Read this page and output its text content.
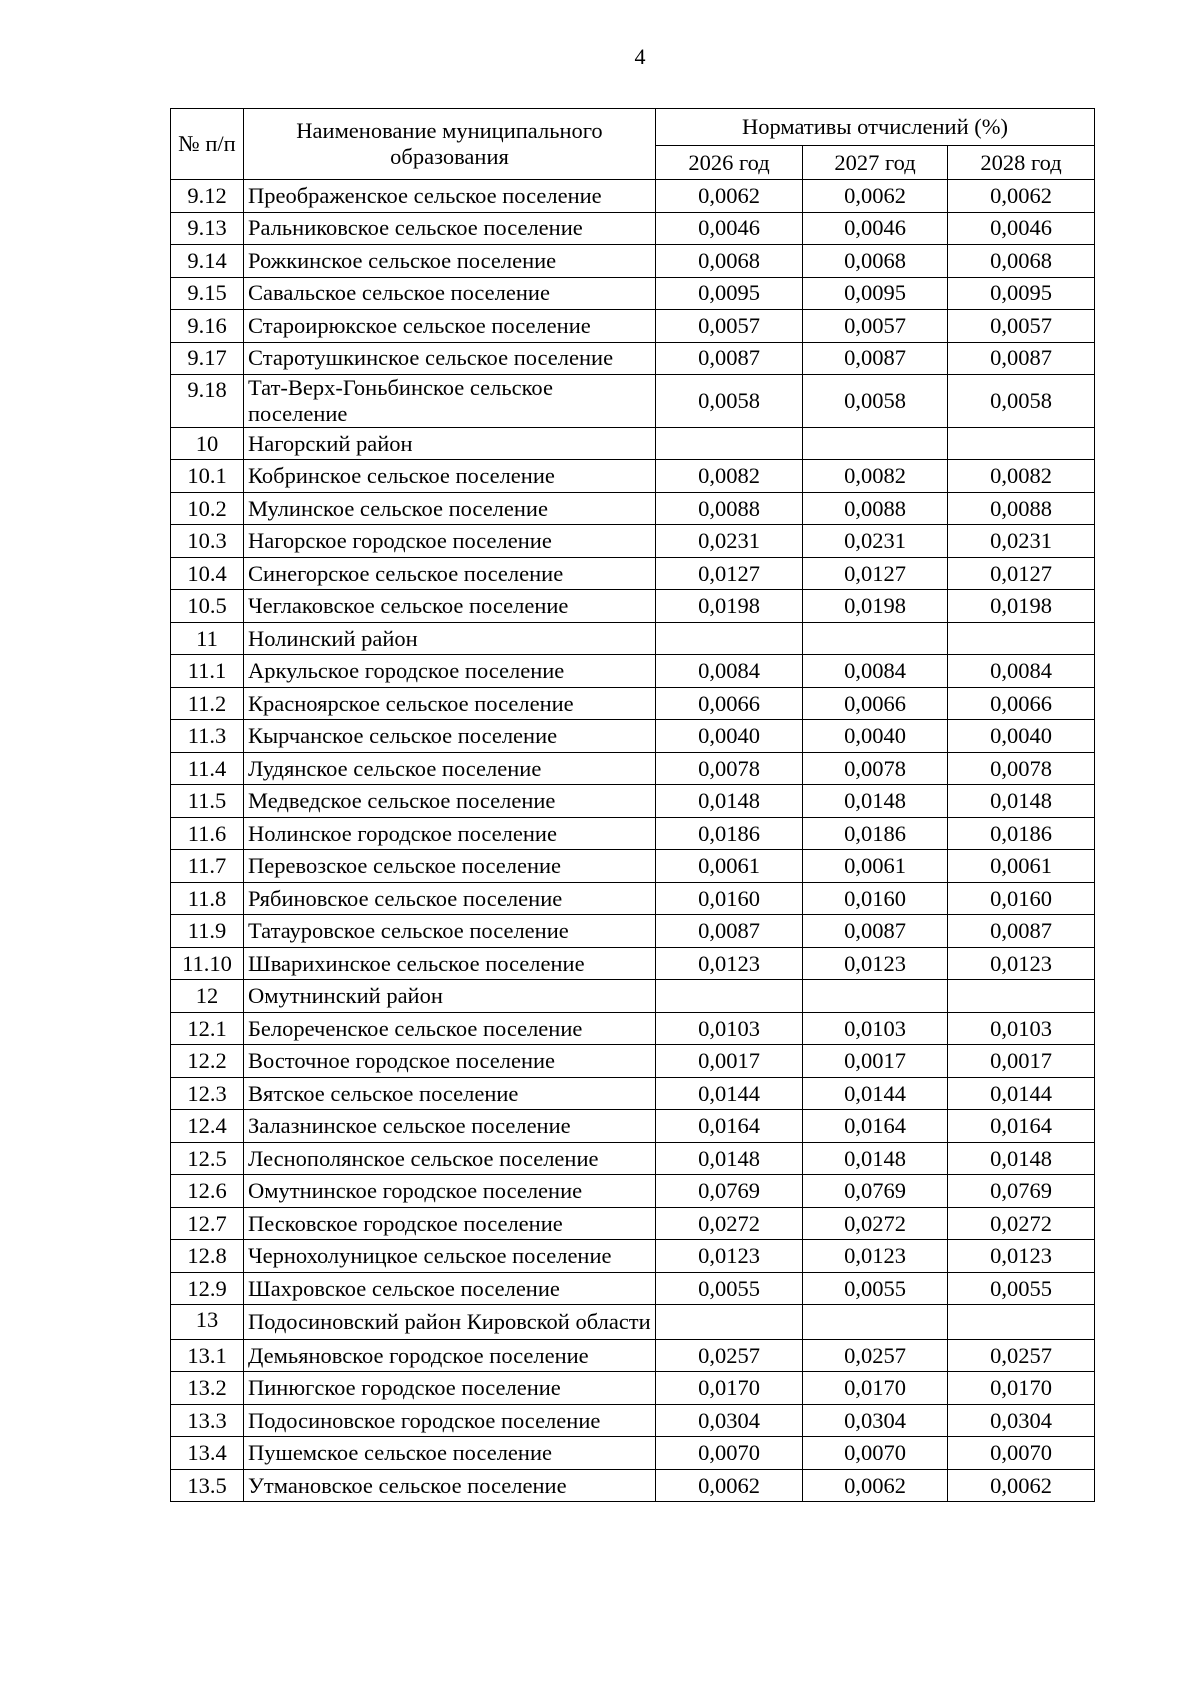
4
№ п/п	Наименование муниципального образования	Нормативы отчислений (%)		
		2026 год	2027 год	2028 год
9.12	Преображенское сельское поселение	0,0062	0,0062	0,0062
9.13	Ральниковское сельское поселение	0,0046	0,0046	0,0046
9.14	Рожкинское сельское поселение	0,0068	0,0068	0,0068
9.15	Савальское сельское поселение	0,0095	0,0095	0,0095
9.16	Староирюкское сельское поселение	0,0057	0,0057	0,0057
9.17	Старотушкинское сельское поселение	0,0087	0,0087	0,0087
9.18	Тат-Верх-Гоньбинское сельское поселение	0,0058	0,0058	0,0058
10	Нагорский район			
10.1	Кобринское сельское поселение	0,0082	0,0082	0,0082
10.2	Мулинское сельское поселение	0,0088	0,0088	0,0088
10.3	Нагорское городское поселение	0,0231	0,0231	0,0231
10.4	Синегорское сельское поселение	0,0127	0,0127	0,0127
10.5	Чеглаковское сельское поселение	0,0198	0,0198	0,0198
11	Нолинский район			
11.1	Аркульское городское поселение	0,0084	0,0084	0,0084
11.2	Красноярское сельское поселение	0,0066	0,0066	0,0066
11.3	Кырчанское сельское поселение	0,0040	0,0040	0,0040
11.4	Лудянское сельское поселение	0,0078	0,0078	0,0078
11.5	Медведское сельское поселение	0,0148	0,0148	0,0148
11.6	Нолинское городское поселение	0,0186	0,0186	0,0186
11.7	Перевозское сельское поселение	0,0061	0,0061	0,0061
11.8	Рябиновское сельское поселение	0,0160	0,0160	0,0160
11.9	Татауровское сельское поселение	0,0087	0,0087	0,0087
11.10	Шварихинское сельское поселение	0,0123	0,0123	0,0123
12	Омутнинский район			
12.1	Белореченское сельское поселение	0,0103	0,0103	0,0103
12.2	Восточное городское поселение	0,0017	0,0017	0,0017
12.3	Вятское сельское поселение	0,0144	0,0144	0,0144
12.4	Залазнинское сельское поселение	0,0164	0,0164	0,0164
12.5	Леснополянское сельское поселение	0,0148	0,0148	0,0148
12.6	Омутнинское городское поселение	0,0769	0,0769	0,0769
12.7	Песковское городское поселение	0,0272	0,0272	0,0272
12.8	Чернохолуницкое сельское поселение	0,0123	0,0123	0,0123
12.9	Шахровское сельское поселение	0,0055	0,0055	0,0055
13	Подосиновский район Кировской области			
13.1	Демьяновское городское поселение	0,0257	0,0257	0,0257
13.2	Пинюгское городское поселение	0,0170	0,0170	0,0170
13.3	Подосиновское городское поселение	0,0304	0,0304	0,0304
13.4	Пушемское сельское поселение	0,0070	0,0070	0,0070
13.5	Утмановское сельское поселение	0,0062	0,0062	0,0062
